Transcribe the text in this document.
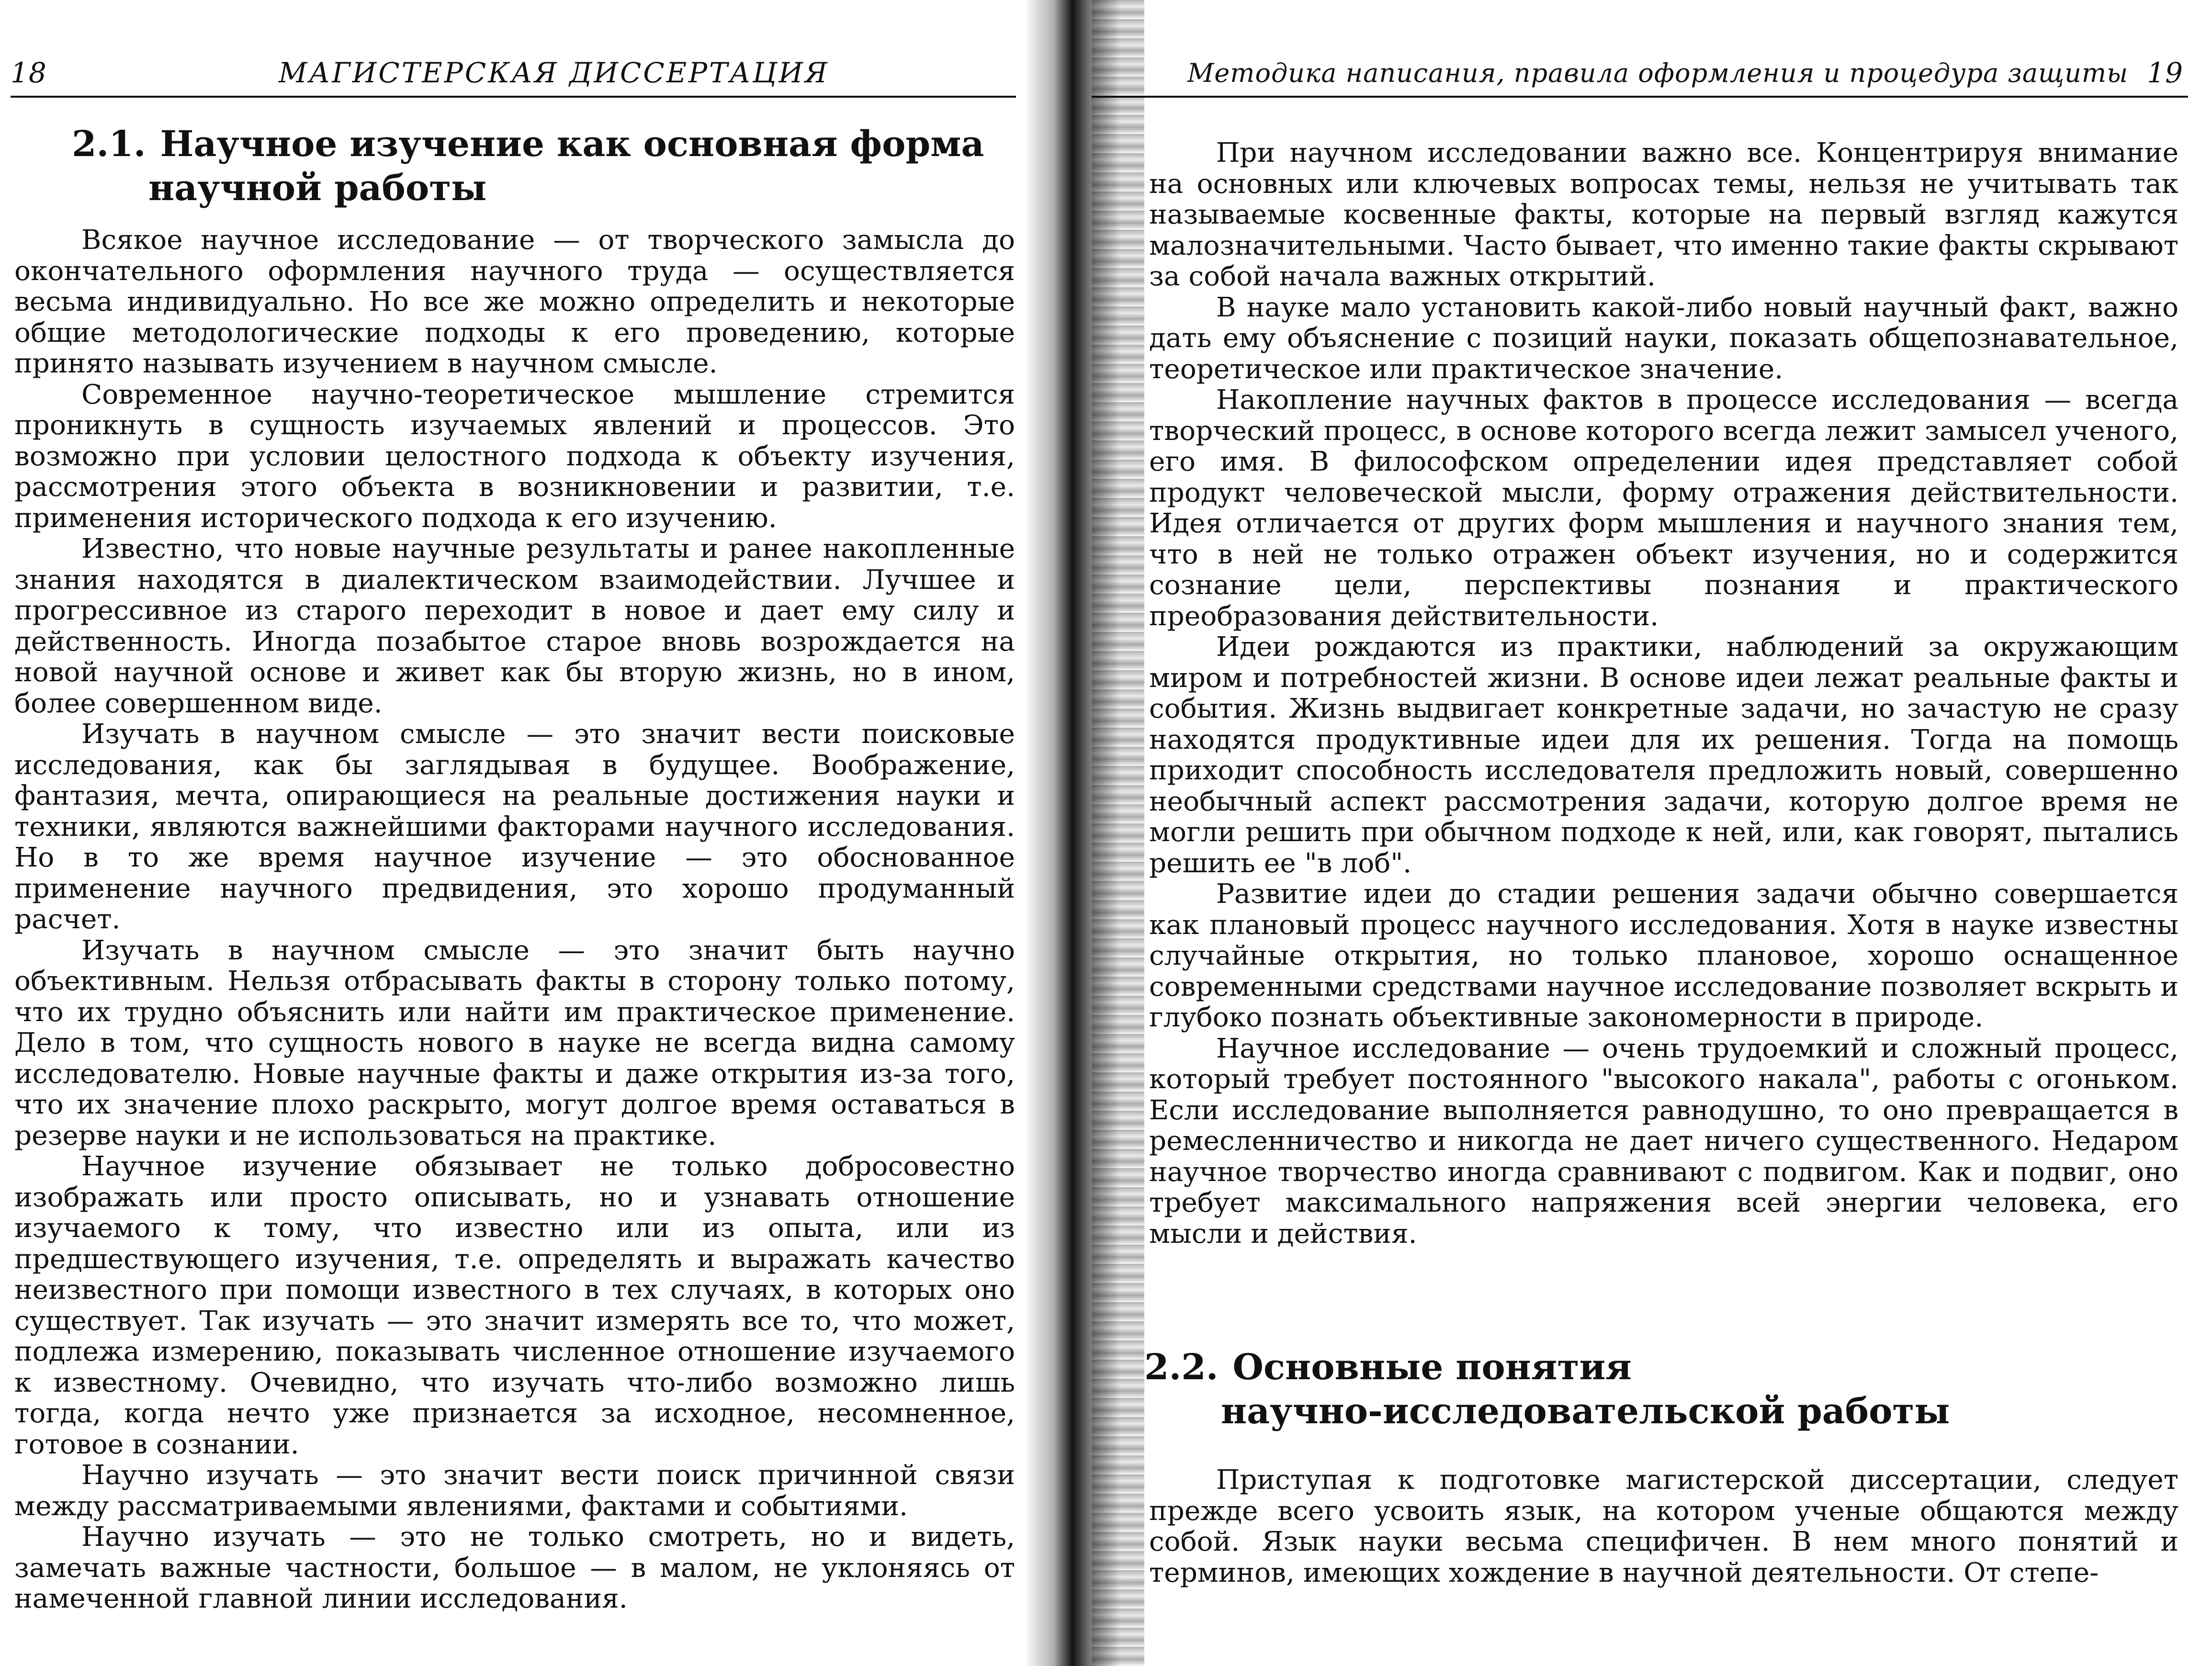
18	МАГИСТЕРСКАЯ ДИССЕРТАЦИЯ
2.1. Научное изучение как основная форма
научной работы

Всякое научное исследование — от творческого замысла до окончательного оформления научного труда — осуществляется весьма индивидуально. Но все же можно определить и некоторые общие методологические подходы к его проведению, которые принято называть изучением в научном смысле.

Современное научно-теоретическое мышление стремится проникнуть в сущность изучаемых явлений и процессов. Это возможно при условии целостного подхода к объекту изучения, рассмотрения этого объекта в возникновении и развитии, т.е. применения исторического подхода к его изучению.

Известно, что новые научные результаты и ранее накопленные знания находятся в диалектическом взаимодействии. Лучшее и прогрессивное из старого переходит в новое и дает ему силу и действенность. Иногда позабытое старое вновь возрождается на новой научной основе и живет как бы вторую жизнь, но в ином, более совершенном виде.

Изучать в научном смысле — это значит вести поисковые исследования, как бы заглядывая в будущее. Воображение, фантазия, мечта, опирающиеся на реальные достижения науки и техники, являются важнейшими факторами научного исследования. Но в то же время научное изучение — это обоснованное применение научного предвидения, это хорошо продуманный расчет.

Изучать в научном смысле — это значит быть научно объективным. Нельзя отбрасывать факты в сторону только потому, что их трудно объяснить или найти им практическое применение. Дело в том, что сущность нового в науке не всегда видна самому исследователю. Новые научные факты и даже открытия из-за того, что их значение плохо раскрыто, могут долгое время оставаться в резерве науки и не использоваться на практике.

Научное изучение обязывает не только добросовестно изображать или просто описывать, но и узнавать отношение изучаемого к тому, что известно или из опыта, или из предшествующего изучения, т.е. определять и выражать качество неизвестного при помощи известного в тех случаях, в которых оно существует. Так изучать — это значит измерять все то, что может, подлежа измерению, показывать численное отношение изучаемого к известному. Очевидно, что изучать что-либо возможно лишь тогда, когда нечто уже признается за исходное, несомненное, готовое в сознании.

Научно изучать — это значит вести поиск причинной связи между рассматриваемыми явлениями, фактами и событиями.

Научно изучать — это не только смотреть, но и видеть, замечать важные частности, большое — в малом, не уклоняясь от намеченной главной линии исследования.

Методика написания, правила оформления и процедура защиты 19

При научном исследовании важно все. Концентрируя внимание на основных или ключевых вопросах темы, нельзя не учитывать так называемые косвенные факты, которые на первый взгляд кажутся малозначительными. Часто бывает, что именно такие факты скрывают за собой начала важных открытий.

В науке мало установить какой-либо новый научный факт, важно дать ему объяснение с позиций науки, показать общепознавательное, теоретическое или практическое значение.

Накопление научных фактов в процессе исследования — всегда творческий процесс, в основе которого всегда лежит замысел ученого, его имя. В философском определении идея представляет собой продукт человеческой мысли, форму отражения действительности. Идея отличается от других форм мышления и научного знания тем, что в ней не только отражен объект изучения, но и содержится сознание цели, перспективы познания и практического преобразования действительности.

Идеи рождаются из практики, наблюдений за окружающим миром и потребностей жизни. В основе идеи лежат реальные факты и события. Жизнь выдвигает конкретные задачи, но зачастую не сразу находятся продуктивные идеи для их решения. Тогда на помощь приходит способность исследователя предложить новый, совершенно необычный аспект рассмотрения задачи, которую долгое время не могли решить при обычном подходе к ней, или, как говорят, пытались решить ее "в лоб".

Развитие идеи до стадии решения задачи обычно совершается как плановый процесс научного исследования. Хотя в науке известны случайные открытия, но только плановое, хорошо оснащенное современными средствами научное исследование позволяет вскрыть и глубоко познать объективные закономерности в природе.

Научное исследование — очень трудоемкий и сложный процесс, который требует постоянного "высокого накала", работы с огоньком. Если исследование выполняется равнодушно, то оно превращается в ремесленничество и никогда не дает ничего существенного. Недаром научное творчество иногда сравнивают с подвигом. Как и подвиг, оно требует максимального напряжения всей энергии человека, его мысли и действия.

2.2. Основные понятия
научно-исследовательской работы

Приступая к подготовке магистерской диссертации, следует прежде всего усвоить язык, на котором ученые общаются между собой. Язык науки весьма специфичен. В нем много понятий и терминов, имеющих хождение в научной деятельности. От степе-
